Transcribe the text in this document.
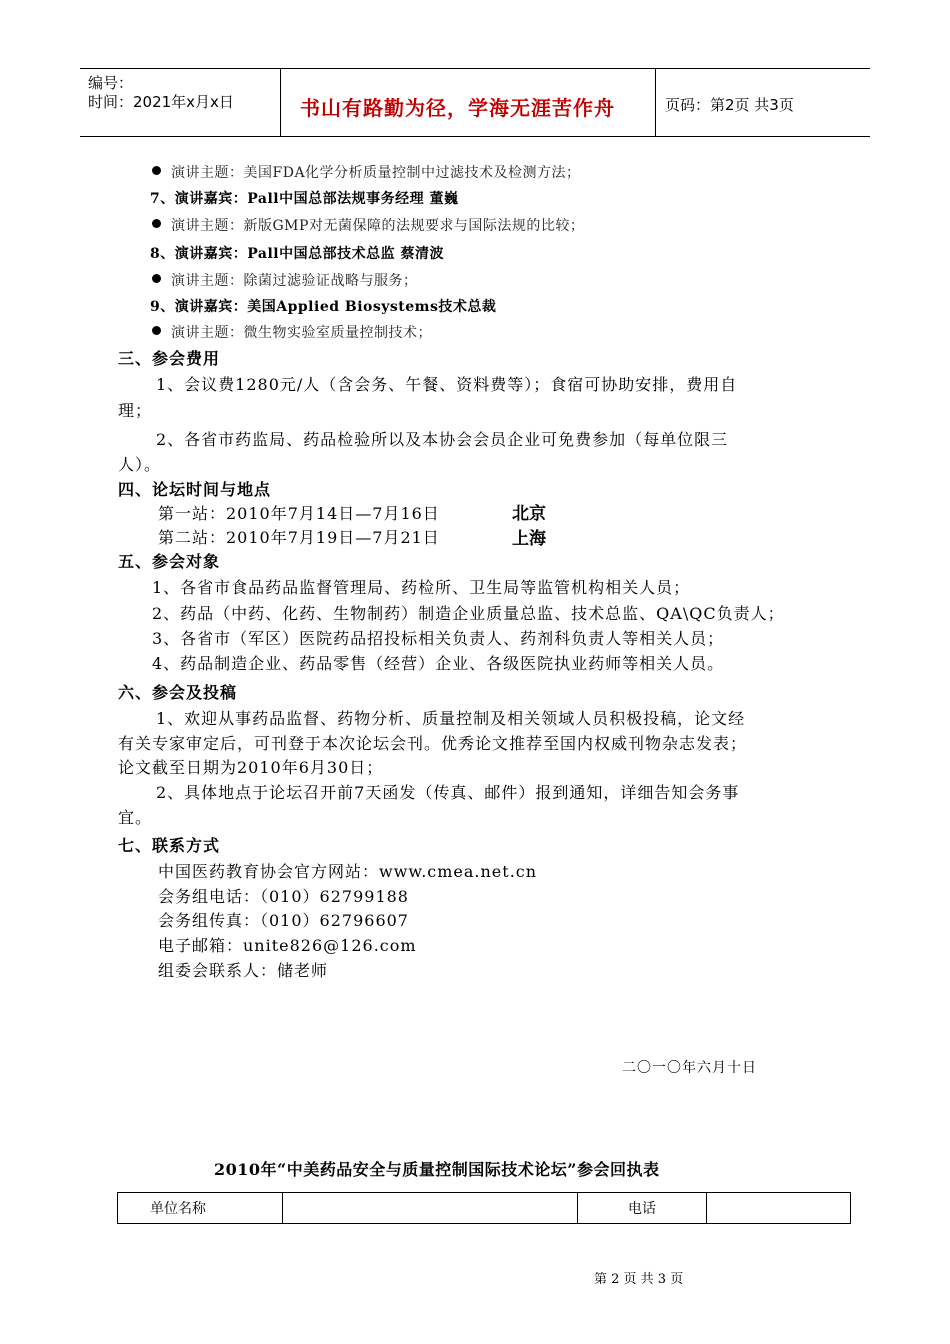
编号：
时间：2021年x月x日	书山有路勤为径，学海无涯苦作舟	页码：第2页 共3页
演讲主题：美国FDA化学分析质量控制中过滤技术及检测方法；
7、演讲嘉宾：Pall中国总部法规事务经理 董巍
演讲主题：新版GMP对无菌保障的法规要求与国际法规的比较；
8、演讲嘉宾：Pall中国总部技术总监 蔡清波
演讲主题：除菌过滤验证战略与服务；
9、演讲嘉宾：美国Applied Biosystems技术总裁
演讲主题：微生物实验室质量控制技术；
三、参会费用
1、会议费1280元/人（含会务、午餐、资料费等）；食宿可协助安排，费用自
理；
2、各省市药监局、药品检验所以及本协会会员企业可免费参加（每单位限三
人）。
四、论坛时间与地点
第一站：2010年7月14日—7月16日	北京
第二站：2010年7月19日—7月21日	上海
五、参会对象
1、各省市食品药品监督管理局、药检所、卫生局等监管机构相关人员；
2、药品（中药、化药、生物制药）制造企业质量总监、技术总监、QA\QC负责人；
3、各省市（军区）医院药品招投标相关负责人、药剂科负责人等相关人员；
4、药品制造企业、药品零售（经营）企业、各级医院执业药师等相关人员。
六、参会及投稿
1、欢迎从事药品监督、药物分析、质量控制及相关领域人员积极投稿，论文经
有关专家审定后，可刊登于本次论坛会刊。优秀论文推荐至国内权威刊物杂志发表；
论文截至日期为2010年6月30日；
2、具体地点于论坛召开前7天函发（传真、邮件）报到通知，详细告知会务事
宜。
七、联系方式
中国医药教育协会官方网站：www.cmea.net.cn
会务组电话：（010）62799188
会务组传真：（010）62796607
电子邮箱：unite826@126.com
组委会联系人：储老师
二〇一〇年六月十日
2010年“中美药品安全与质量控制国际技术论坛”参会回执表
单位名称		电话	
第 2 页 共 3 页
